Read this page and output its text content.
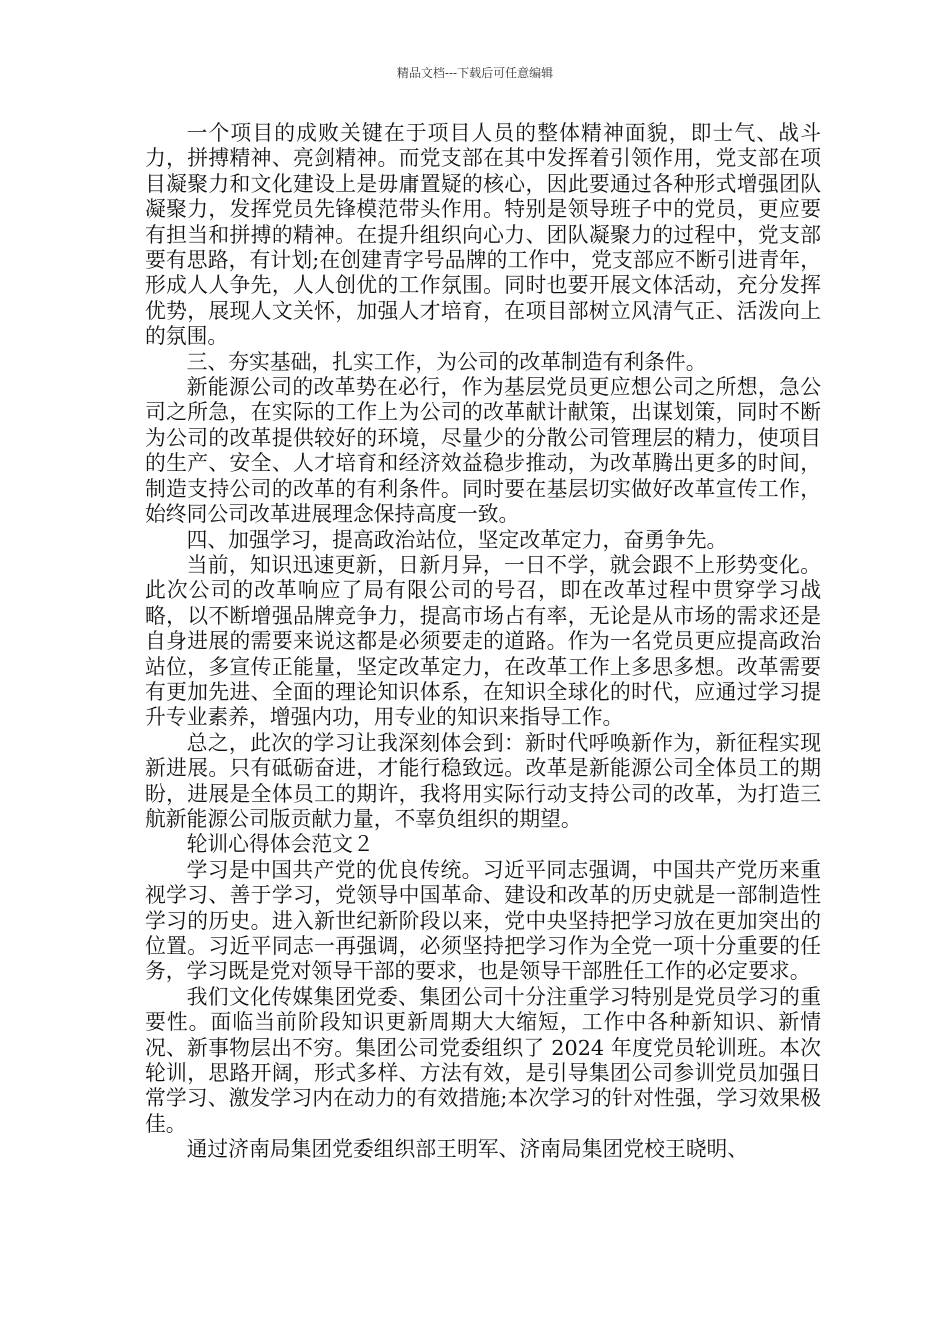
精品文档---下载后可任意编辑

一个项目的成败关键在于项目人员的整体精神面貌，即士气、战斗力，拼搏精神、亮剑精神。而党支部在其中发挥着引领作用，党支部在项目凝聚力和文化建设上是毋庸置疑的核心，因此要通过各种形式增强团队凝聚力，发挥党员先锋模范带头作用。特别是领导班子中的党员，更应要有担当和拼搏的精神。在提升组织向心力、团队凝聚力的过程中，党支部要有思路，有计划;在创建青字号品牌的工作中，党支部应不断引进青年，形成人人争先，人人创优的工作氛围。同时也要开展文体活动，充分发挥优势，展现人文关怀，加强人才培育，在项目部树立风清气正、活泼向上的氛围。

三、夯实基础，扎实工作，为公司的改革制造有利条件。

新能源公司的改革势在必行，作为基层党员更应想公司之所想，急公司之所急，在实际的工作上为公司的改革献计献策，出谋划策，同时不断为公司的改革提供较好的环境，尽量少的分散公司管理层的精力，使项目的生产、安全、人才培育和经济效益稳步推动，为改革腾出更多的时间，制造支持公司的改革的有利条件。同时要在基层切实做好改革宣传工作，始终同公司改革进展理念保持高度一致。

四、加强学习，提高政治站位，坚定改革定力，奋勇争先。

当前，知识迅速更新，日新月异，一日不学，就会跟不上形势变化。此次公司的改革响应了局有限公司的号召，即在改革过程中贯穿学习战略，以不断增强品牌竞争力，提高市场占有率，无论是从市场的需求还是自身进展的需要来说这都是必须要走的道路。作为一名党员更应提高政治站位，多宣传正能量，坚定改革定力，在改革工作上多思多想。改革需要有更加先进、全面的理论知识体系，在知识全球化的时代，应通过学习提升专业素养，增强内功，用专业的知识来指导工作。

总之，此次的学习让我深刻体会到：新时代呼唤新作为，新征程实现新进展。只有砥砺奋进，才能行稳致远。改革是新能源公司全体员工的期盼，进展是全体员工的期许，我将用实际行动支持公司的改革，为打造三航新能源公司版贡献力量，不辜负组织的期望。

轮训心得体会范文２

学习是中国共产党的优良传统。习近平同志强调，中国共产党历来重视学习、善于学习，党领导中国革命、建设和改革的历史就是一部制造性学习的历史。进入新世纪新阶段以来，党中央坚持把学习放在更加突出的位置。习近平同志一再强调，必须坚持把学习作为全党一项十分重要的任务，学习既是党对领导干部的要求，也是领导干部胜任工作的必定要求。

我们文化传媒集团党委、集团公司十分注重学习特别是党员学习的重要性。面临当前阶段知识更新周期大大缩短，工作中各种新知识、新情况、新事物层出不穷。集团公司党委组织了 2024 年度党员轮训班。本次轮训，思路开阔，形式多样、方法有效，是引导集团公司参训党员加强日常学习、激发学习内在动力的有效措施;本次学习的针对性强，学习效果极佳。

通过济南局集团党委组织部王明军、济南局集团党校王晓明、
